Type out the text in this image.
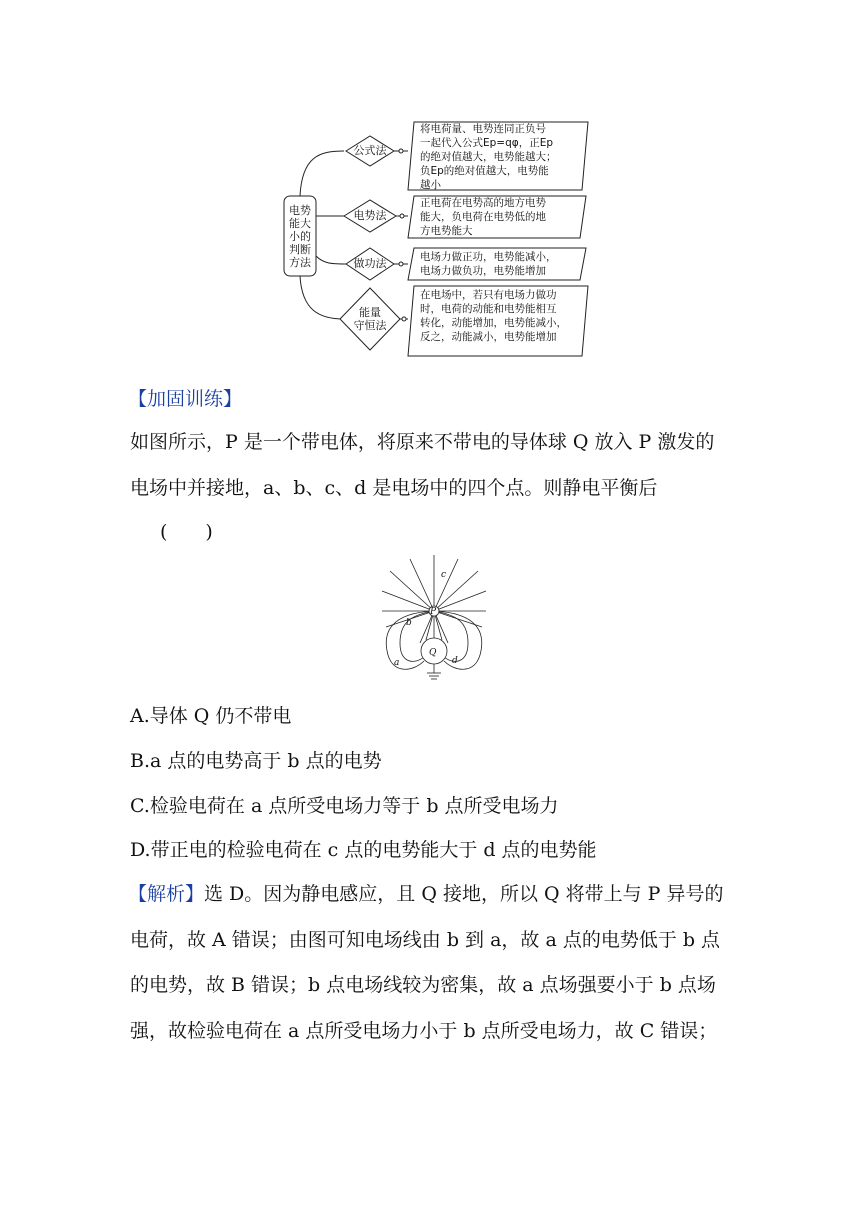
电势
能大
小的
判断
方法
公式法
电势法
做功法
能量
守恒法
将电荷量、电势连同正负号
一起代入公式Ep=qφ，正Ep
的绝对值越大，电势能越大；
负Ep的绝对值越大，电势能
越小
正电荷在电势高的地方电势
能大，负电荷在电势低的地
方电势能大
电场力做正功，电势能减小，
电场力做负功，电势能增加
在电场中，若只有电场力做功
时，电荷的动能和电势能相互
转化，动能增加，电势能减小，
反之，动能减小，电势能增加
【加固训练】
如图所示，P 是一个带电体，将原来不带电的导体球 Q 放入 P 激发的
电场中并接地，a、b、c、d 是电场中的四个点。则静电平衡后
(　　)
P
Q
a
b
c
d
A.导体 Q 仍不带电
B.a 点的电势高于 b 点的电势
C.检验电荷在 a 点所受电场力等于 b 点所受电场力
D.带正电的检验电荷在 c 点的电势能大于 d 点的电势能
【解析】选 D。因为静电感应，且 Q 接地，所以 Q 将带上与 P 异号的
电荷，故 A 错误；由图可知电场线由 b 到 a，故 a 点的电势低于 b 点
的电势，故 B 错误；b 点电场线较为密集，故 a 点场强要小于 b 点场
强，故检验电荷在 a 点所受电场力小于 b 点所受电场力，故 C 错误；
